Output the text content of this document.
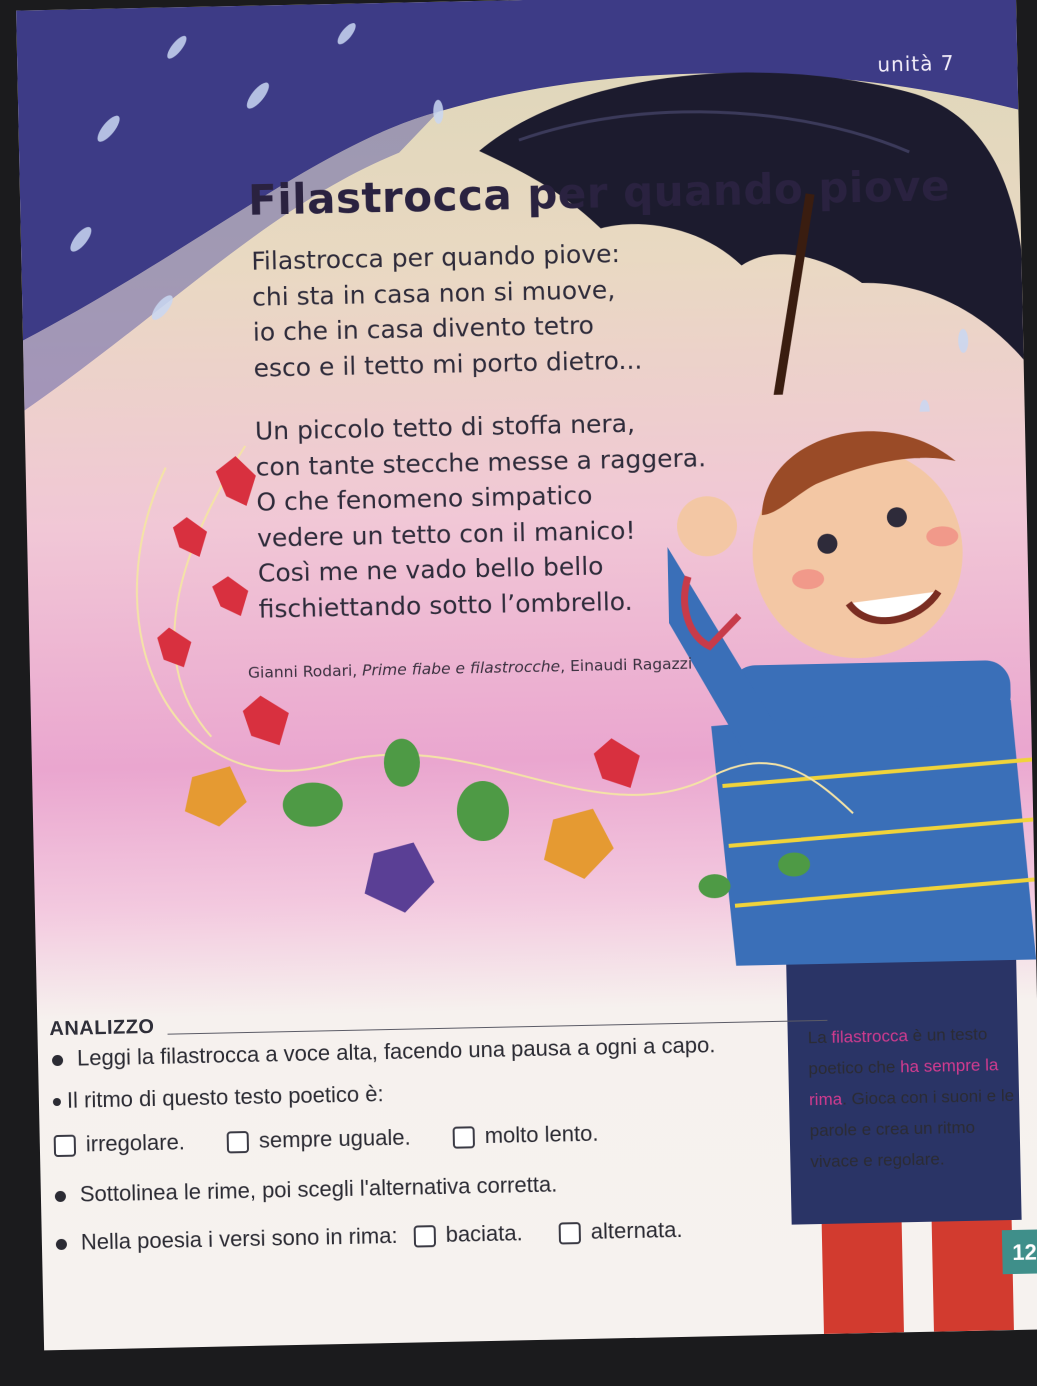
unità 7
Filastrocca per quando piove
Filastrocca per quando piove:
chi sta in casa non si muove,
io che in casa divento tetro
esco e il tetto mi porto dietro...
Un piccolo tetto di stoffa nera,
con tante stecche messe a raggera.
O che fenomeno simpatico
vedere un tetto con il manico!
Così me ne vado bello bello
fischiettando sotto l’ombrello.
Gianni Rodari, Prime fiabe e filastrocche, Einaudi Ragazzi
ANALIZZO
Leggi la filastrocca a voce alta, facendo una pausa a ogni a capo.
Il ritmo di questo testo poetico è:
irregolare.	sempre uguale.	molto lento.
Sottolinea le rime, poi scegli l'alternativa corretta.
Nella poesia i versi sono in rima: baciata.	alternata.
La filastrocca è un testo poetico che ha sempre la rima. Gioca con i suoni e le parole e crea un ritmo vivace e regolare.
12
